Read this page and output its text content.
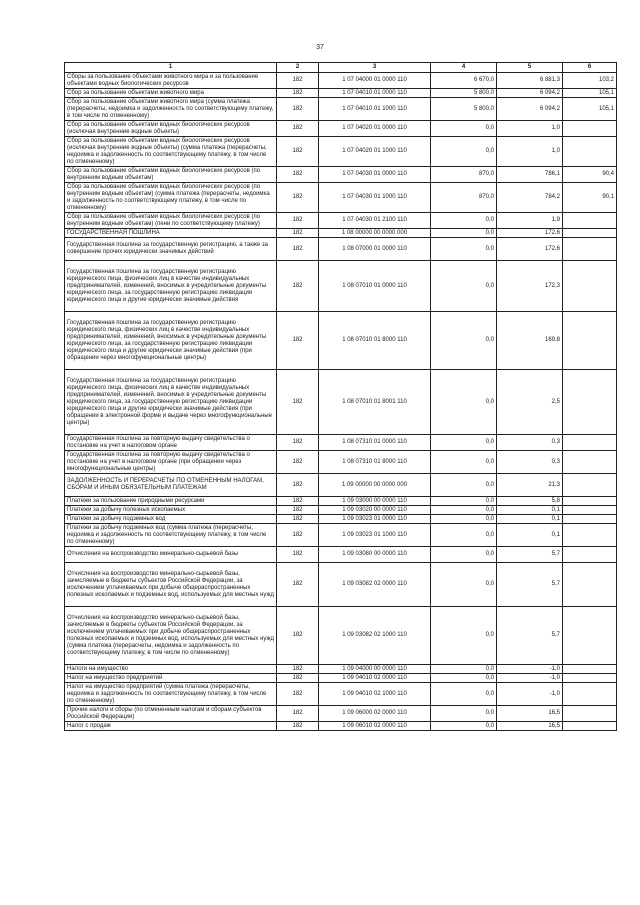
37
1	2	3	4	5	6
Сборы за пользование объектами животного мира и за пользование объектами водных биологических ресурсов	182	1 07 04000 01 0000 110	6 670,0	6 881,3	103,2
Сбор за пользование объектами животного мира	182	1 07 04010 01 0000 110	5 800,0	6 094,2	105,1
Сбор за пользование объектами животного мира (сумма платежа (перерасчеты, недоимка и задолженность по соответствующему платежу, в том числе по отмененному)	182	1 07 04010 01 1000 110	5 800,0	6 094,2	105,1
Сбор за пользование объектами водных биологических ресурсов (исключая внутренние водные объекты)	182	1 07 04020 01 0000 110	0,0	1,0	
Сбор за пользование объектами водных биологических ресурсов (исключая внутренние водные объекты) (сумма платежа (перерасчеты, недоимка и задолженность по соответствующему платежу, в том числе по отмененному)	182	1 07 04020 01 1000 110	0,0	1,0	
Сбор за пользование объектами водных биологических ресурсов (по внутренним водным объектам)	182	1 07 04030 01 0000 110	870,0	786,1	90,4
Сбор за пользование объектами водных биологических ресурсов (по внутренним водным объектам) (сумма платежа (перерасчеты, недоимка и задолженность по соответствующему платежу, в том числе по отмененному)	182	1 07 04030 01 1000 110	870,0	784,2	90,1
Сбор за пользование объектами водных биологических ресурсов (по внутренним водным объектам) (пени по соответствующему платежу)	182	1 07 04030 01 2100 110	0,0	1,9	
ГОСУДАРСТВЕННАЯ ПОШЛИНА	182	1 08 00000 00 0000 000	0,0	172,6	
Государственная пошлина за государственную регистрацию, а также за совершение прочих юридически значимых действий	182	1 08 07000 01 0000 110	0,0	172,6	
Государственная пошлина за государственную регистрацию юридического лица, физических лиц в качестве индивидуальных предпринимателей, изменений, вносимых в учредительные документы юридического лица, за государственную регистрацию ликвидации юридического лица и другие юридически значимые действия	182	1 08 07010 01 0000 110	0,0	172,3	
Государственная пошлина за государственную регистрацию юридического лица, физических лиц в качестве индивидуальных предпринимателей, изменений, вносимых в учредительные документы юридического лица, за государственную регистрацию ликвидации юридического лица и другие юридически значимые действия (при обращении через многофункциональные центры)	182	1 08 07010 01 8000 110	0,0	169,8	
Государственная пошлина за государственную регистрацию юридического лица, физических лиц в качестве индивидуальных предпринимателей, изменений, вносимых в учредительные документы юридического лица, за государственную регистрацию ликвидации юридического лица и другие юридически значимые действия (при обращении в электронной форме и выдаче через многофункциональные центры)	182	1 08 07010 01 8001 110	0,0	2,5	
Государственная пошлина за повторную выдачу свидетельства о постановке на учет в налоговом органе	182	1 08 07310 01 0000 110	0,0	0,3	
Государственная пошлина за повторную выдачу свидетельства о постановке на учет в налоговом органе (при обращении через многофункциональные центры)	182	1 08 07310 01 8000 110	0,0	0,3	
ЗАДОЛЖЕННОСТЬ И ПЕРЕРАСЧЕТЫ ПО ОТМЕНЕННЫМ НАЛОГАМ, СБОРАМ И ИНЫМ ОБЯЗАТЕЛЬНЫМ ПЛАТЕЖАМ	182	1 09 00000 00 0000 000	0,0	21,3	
Платежи за пользование природными ресурсами	182	1 09 03000 00 0000 110	0,0	5,8	
Платежи за добычу полезных ископаемых	182	1 09 03020 00 0000 110	0,0	0,1	
Платежи за добычу подземных вод	182	1 09 03023 01 0000 110	0,0	0,1	
Платежи за добычу подземных вод (сумма платежа (перерасчеты, недоимка и задолженность по соответствующему платежу, в том числе по отмененному)	182	1 09 03023 01 1000 110	0,0	0,1	
Отчисления на воспроизводство минерально-сырьевой базы	182	1 09 03080 00 0000 110	0,0	5,7	
Отчисления на воспроизводство минерально-сырьевой базы, зачисляемые в бюджеты субъектов Российской Федерации, за исключением уплачиваемых при добыче общераспространенных полезных ископаемых и подземных вод, используемых для местных нужд	182	1 09 03082 02 0000 110	0,0	5,7	
Отчисления на воспроизводство минерально-сырьевой базы, зачисляемые в бюджеты субъектов Российской Федерации, за исключением уплачиваемых при добыче общераспространенных полезных ископаемых и подземных вод, используемых для местных нужд (сумма платежа (перерасчеты, недоимка и задолженность по соответствующему платежу, в том числе по отмененному)	182	1 09 03082 02 1000 110	0,0	5,7	
Налоги на имущество	182	1 09 04000 00 0000 110	0,0	-1,0	
Налог на имущество предприятий	182	1 09 04010 02 0000 110	0,0	-1,0	
Налог на имущество предприятий (сумма платежа (перерасчеты, недоимка и задолженность по соответствующему платежу, в том числе по отмененному)	182	1 09 04010 02 1000 110	0,0	-1,0	
Прочие налоги и сборы (по отмененным налогам и сборам субъектов Российской Федерации)	182	1 09 06000 02 0000 110	0,0	16,5	
Налог с продаж	182	1 09 06010 02 0000 110	0,0	16,5	
